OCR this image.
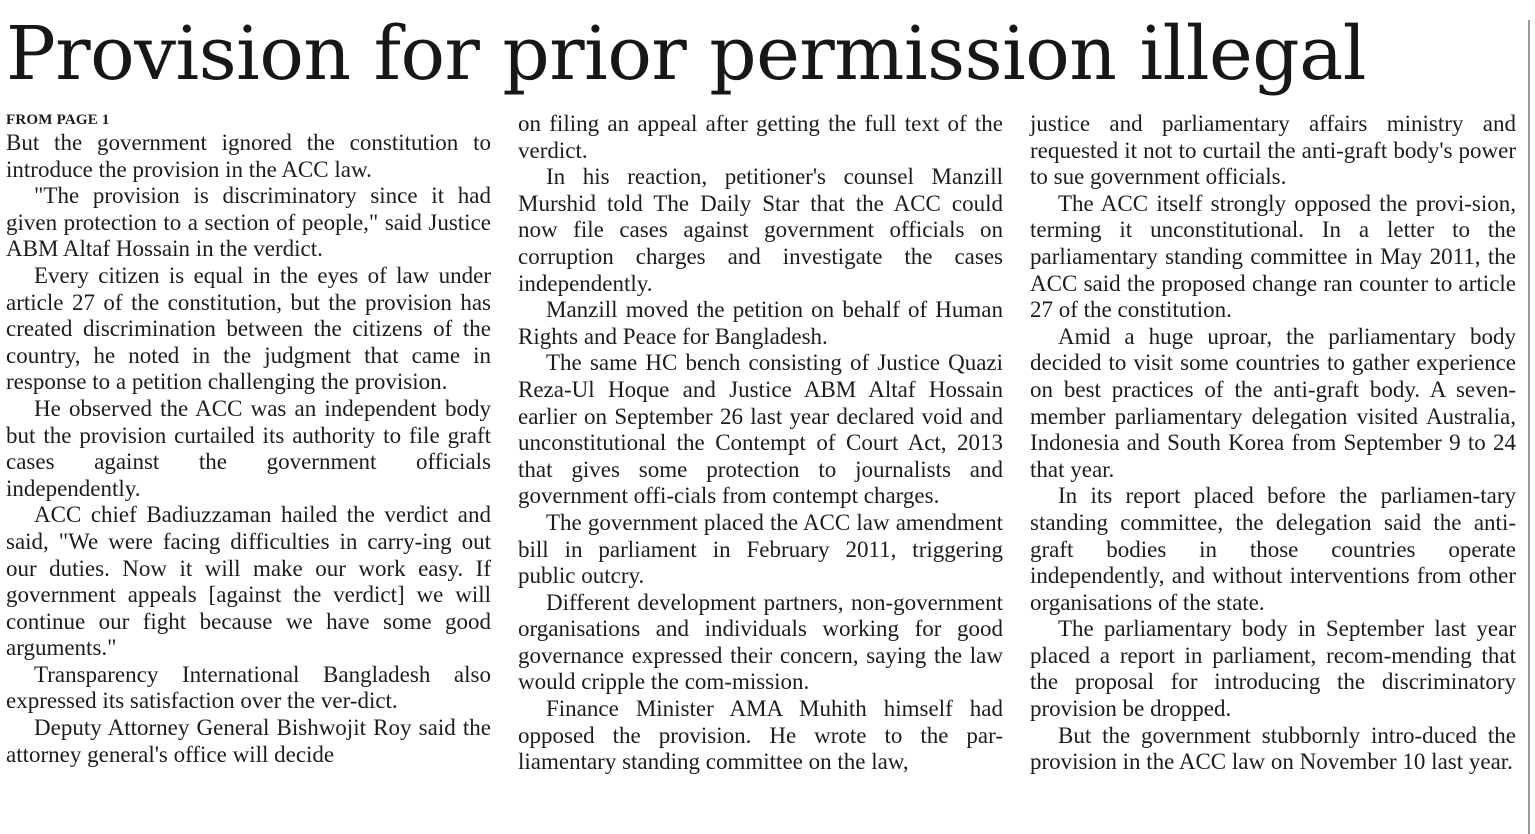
Provision for prior permission illegal
FROM PAGE 1

But the government ignored the constitution to introduce the provision in the ACC law.

"The provision is discriminatory since it had given protection to a section of people," said Justice ABM Altaf Hossain in the verdict.

Every citizen is equal in the eyes of law under article 27 of the constitution, but the provision has created discrimination between the citizens of the country, he noted in the judgment that came in response to a petition challenging the provision.

He observed the ACC was an independent body but the provision curtailed its authority to file graft cases against the government officials independently.

ACC chief Badiuzzaman hailed the verdict and said, "We were facing difficulties in carry-ing out our duties. Now it will make our work easy. If government appeals [against the verdict] we will continue our fight because we have some good arguments."

Transparency International Bangladesh also expressed its satisfaction over the ver-dict.

Deputy Attorney General Bishwojit Roy said the attorney general's office will decide

on filing an appeal after getting the full text of the verdict.

In his reaction, petitioner's counsel Manzill Murshid told The Daily Star that the ACC could now file cases against government officials on corruption charges and investigate the cases independently.

Manzill moved the petition on behalf of Human Rights and Peace for Bangladesh.

The same HC bench consisting of Justice Quazi Reza-Ul Hoque and Justice ABM Altaf Hossain earlier on September 26 last year declared void and unconstitutional the Contempt of Court Act, 2013 that gives some protection to journalists and government offi-cials from contempt charges.

The government placed the ACC law amendment bill in parliament in February 2011, triggering public outcry.

Different development partners, non-government organisations and individuals working for good governance expressed their concern, saying the law would cripple the com-mission.

Finance Minister AMA Muhith himself had opposed the provision. He wrote to the par-liamentary standing committee on the law,

justice and parliamentary affairs ministry and requested it not to curtail the anti-graft body's power to sue government officials.

The ACC itself strongly opposed the provi-sion, terming it unconstitutional. In a letter to the parliamentary standing committee in May 2011, the ACC said the proposed change ran counter to article 27 of the constitution.

Amid a huge uproar, the parliamentary body decided to visit some countries to gather experience on best practices of the anti-graft body. A seven-member parliamentary delegation visited Australia, Indonesia and South Korea from September 9 to 24 that year.

In its report placed before the parliamen-tary standing committee, the delegation said the anti-graft bodies in those countries operate independently, and without interventions from other organisations of the state.

The parliamentary body in September last year placed a report in parliament, recom-mending that the proposal for introducing the discriminatory provision be dropped.

But the government stubbornly intro-duced the provision in the ACC law on November 10 last year.
